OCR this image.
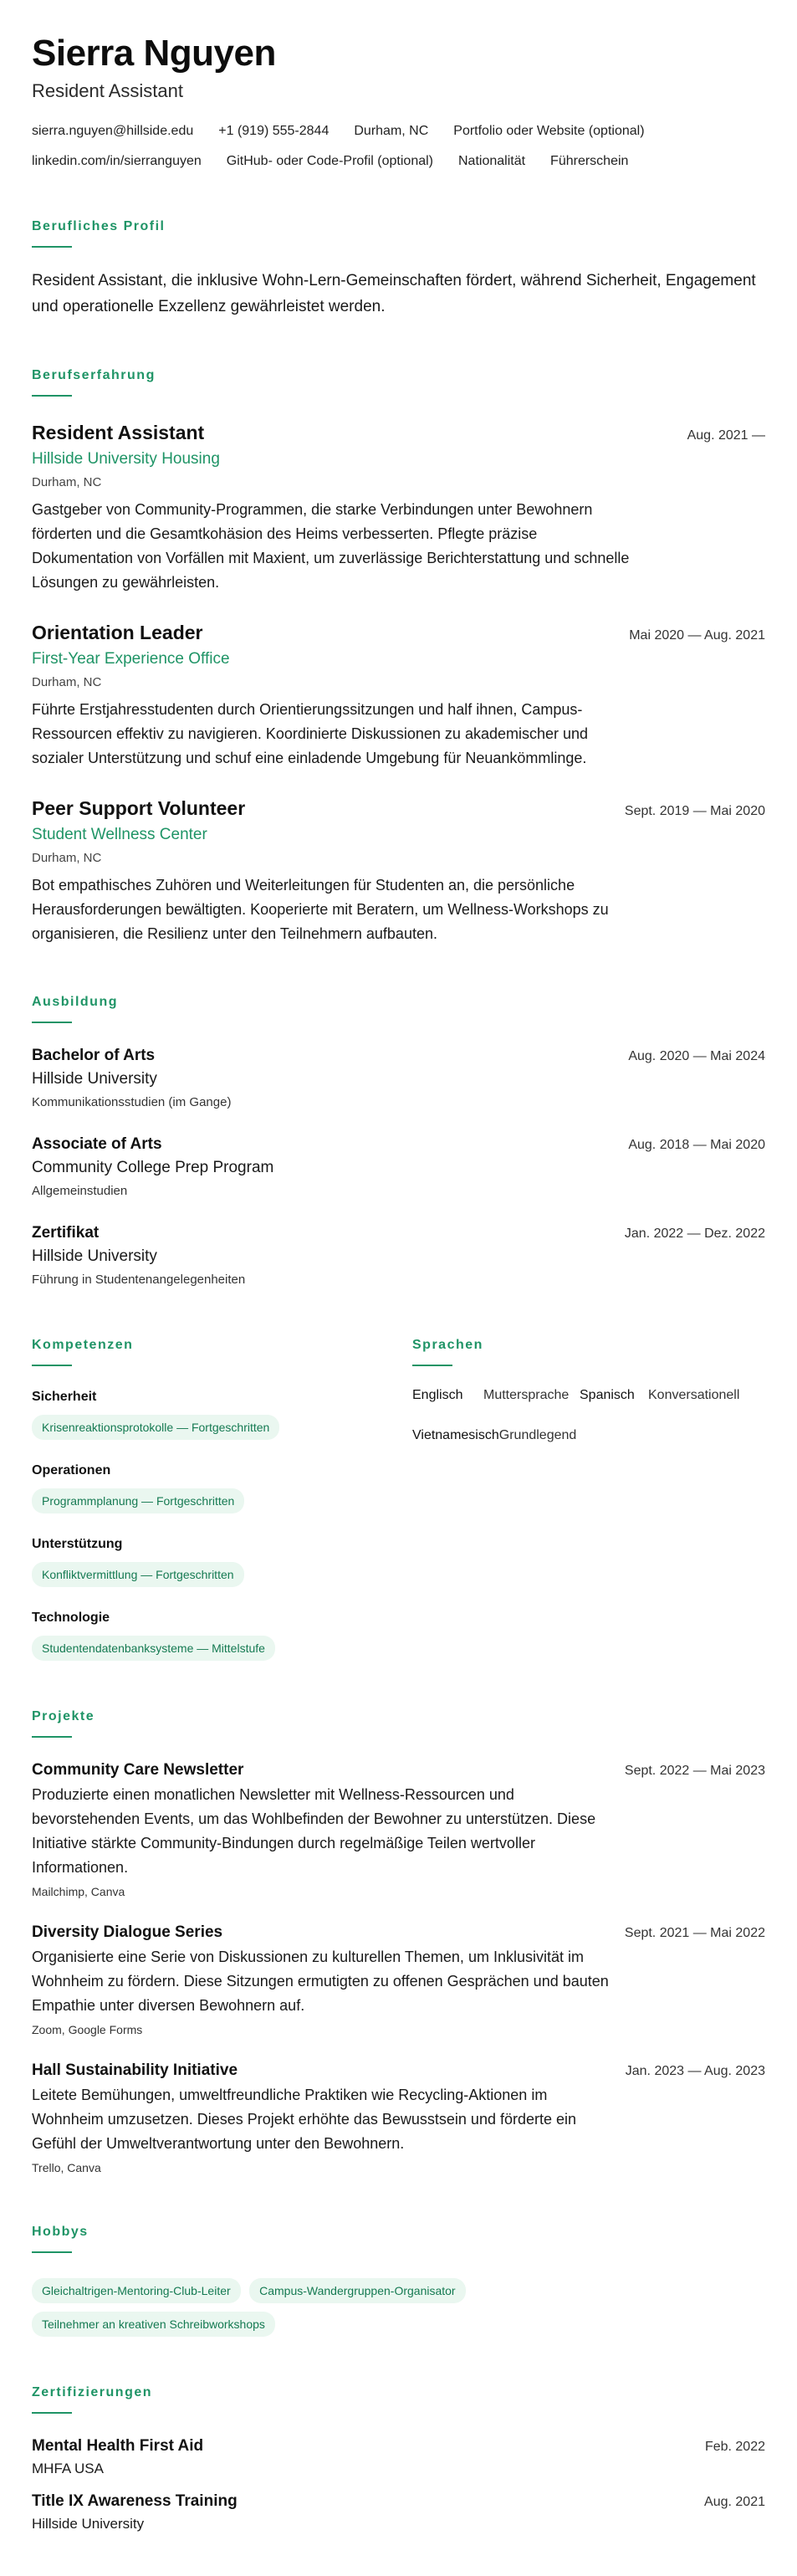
Sierra Nguyen
Resident Assistant
sierra.nguyen@hillside.edu +1 (919) 555-2844 Durham, NC Portfolio oder Website (optional)
linkedin.com/in/sierranguyen GitHub- oder Code-Profil (optional) Nationalität Führerschein
Berufliches Profil

Resident Assistant, die inklusive Wohn-Lern-Gemeinschaften fördert, während Sicherheit, Engagement und operationelle Exzellenz gewährleistet werden.

Berufserfahrung
Resident Assistant	Aug. 2021 —
Hillside University Housing
Durham, NC

Gastgeber von Community-Programmen, die starke Verbindungen unter Bewohnern förderten und die Gesamtkohäsion des Heims verbesserten. Pflegte präzise Dokumentation von Vorfällen mit Maxient, um zuverlässige Berichterstattung und schnelle Lösungen zu gewährleisten.

Orientation Leader	Mai 2020 — Aug. 2021
First-Year Experience Office
Durham, NC

Führte Erstjahresstudenten durch Orientierungssitzungen und half ihnen, Campus-Ressourcen effektiv zu navigieren. Koordinierte Diskussionen zu akademischer und sozialer Unterstützung und schuf eine einladende Umgebung für Neuankömmlinge.

Peer Support Volunteer	Sept. 2019 — Mai 2020
Student Wellness Center
Durham, NC

Bot empathisches Zuhören und Weiterleitungen für Studenten an, die persönliche Herausforderungen bewältigten. Kooperierte mit Beratern, um Wellness-Workshops zu organisieren, die Resilienz unter den Teilnehmern aufbauten.

Ausbildung
Bachelor of Arts	Aug. 2020 — Mai 2024
Hillside University
Kommunikationsstudien (im Gange)
Associate of Arts	Aug. 2018 — Mai 2020
Community College Prep Program
Allgemeinstudien
Zertifikat	Jan. 2022 — Dez. 2022
Hillside University
Führung in Studentenangelegenheiten
Kompetenzen
Sicherheit
Krisenreaktionsprotokolle — Fortgeschritten
Operationen
Programmplanung — Fortgeschritten
Unterstützung
Konfliktvermittlung — Fortgeschritten
Technologie
Studentendatenbanksysteme — Mittelstufe
Sprachen
Englisch	Muttersprache Spanisch	Konversationell
Vietnamesisch Grundlegend
Projekte
Community Care Newsletter	Sept. 2022 — Mai 2023

Produzierte einen monatlichen Newsletter mit Wellness-Ressourcen und bevorstehenden Events, um das Wohlbefinden der Bewohner zu unterstützen. Diese Initiative stärkte Community-Bindungen durch regelmäßige Teilen wertvoller Informationen.

Mailchimp, Canva
Diversity Dialogue Series	Sept. 2021 — Mai 2022

Organisierte eine Serie von Diskussionen zu kulturellen Themen, um Inklusivität im Wohnheim zu fördern. Diese Sitzungen ermutigten zu offenen Gesprächen und bauten Empathie unter diversen Bewohnern auf.

Zoom, Google Forms
Hall Sustainability Initiative	Jan. 2023 — Aug. 2023

Leitete Bemühungen, umweltfreundliche Praktiken wie Recycling-Aktionen im Wohnheim umzusetzen. Dieses Projekt erhöhte das Bewusstsein und förderte ein Gefühl der Umweltverantwortung unter den Bewohnern.

Trello, Canva
Hobbys
Gleichaltrigen-Mentoring-Club-Leiter Campus-Wandergruppen-Organisator Teilnehmer an kreativen Schreibworkshops
Zertifizierungen
Mental Health First Aid	Feb. 2022
MHFA USA
Title IX Awareness Training	Aug. 2021
Hillside University
